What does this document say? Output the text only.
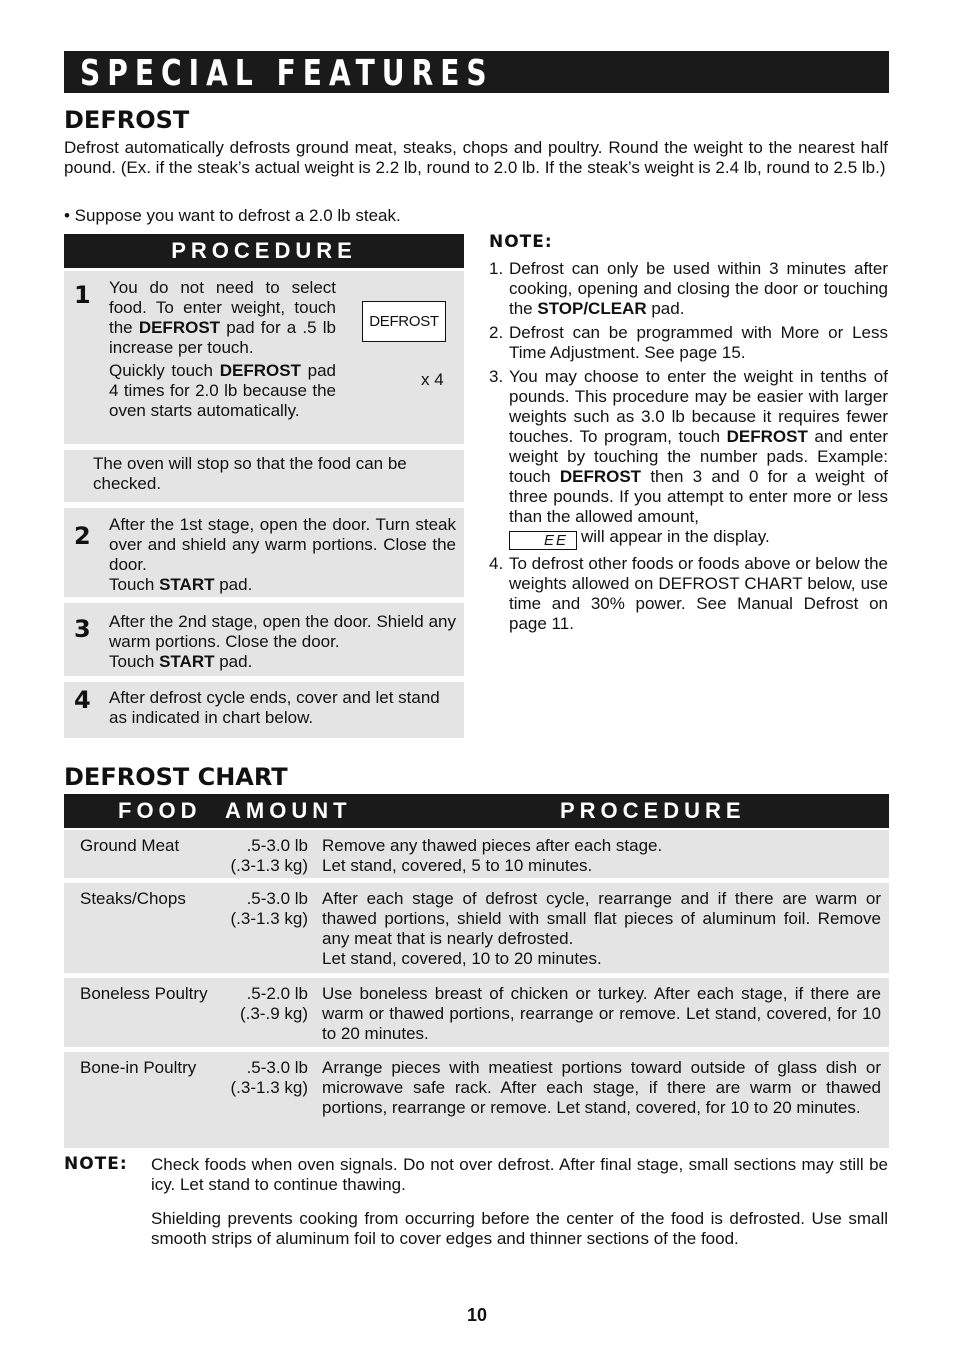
SPECIAL FEATURES
DEFROST
Defrost automatically defrosts ground meat, steaks, chops and poultry. Round the weight to the nearest half pound. (Ex. if the steak’s actual weight is 2.2 lb, round to 2.0 lb. If the steak’s weight is 2.4 lb, round to 2.5 lb.)
• Suppose you want to defrost a 2.0 lb steak.
PROCEDURE
1 You do not need to select food. To enter weight, touch the DEFROST pad for a .5 lb increase per touch.
Quickly touch DEFROST pad 4 times for 2.0 lb because the oven starts automatically.
DEFROST
x 4
The oven will stop so that the food can be checked.
2 After the 1st stage, open the door. Turn steak over and shield any warm portions. Close the door.
Touch START pad.
3 After the 2nd stage, open the door. Shield any warm portions. Close the door.
Touch START pad.
4 After defrost cycle ends, cover and let stand as indicated in chart below.
NOTE:
1. Defrost can only be used within 3 minutes after cooking, opening and closing the door or touching the STOP/CLEAR pad.
2. Defrost can be programmed with More or Less Time Adjustment. See page 15.
3. You may choose to enter the weight in tenths of pounds. This procedure may be easier with larger weights such as 3.0 lb because it requires fewer touches. To program, touch DEFROST and enter weight by touching the number pads. Example: touch DEFROST then 3 and 0 for a weight of three pounds. If you attempt to enter more or less than the allowed amount,
EE will appear in the display.
4. To defrost other foods or foods above or below the weights allowed on DEFROST CHART below, use time and 30% power. See Manual Defrost on page 11.
DEFROST CHART
FOOD AMOUNT	PROCEDURE
Ground Meat	.5-3.0 lb
(.3-1.3 kg)
Remove any thawed pieces after each stage.
Let stand, covered, 5 to 10 minutes.
Steaks/Chops	.5-3.0 lb
(.3-1.3 kg)
After each stage of defrost cycle, rearrange and if there are warm or thawed portions, shield with small flat pieces of aluminum foil. Remove any meat that is nearly defrosted.
Let stand, covered, 10 to 20 minutes.
Boneless Poultry	.5-2.0 lb
(.3-.9 kg)
Use boneless breast of chicken or turkey. After each stage, if there are warm or thawed portions, rearrange or remove. Let stand, covered, for 10 to 20 minutes.
Bone-in Poultry	.5-3.0 lb
(.3-1.3 kg)
Arrange pieces with meatiest portions toward outside of glass dish or microwave safe rack. After each stage, if there are warm or thawed portions, rearrange or remove. Let stand, covered, for 10 to 20 minutes.
NOTE: Check foods when oven signals. Do not over defrost. After final stage, small sections may still be icy. Let stand to continue thawing.
Shielding prevents cooking from occurring before the center of the food is defrosted. Use small smooth strips of aluminum foil to cover edges and thinner sections of the food.
10
